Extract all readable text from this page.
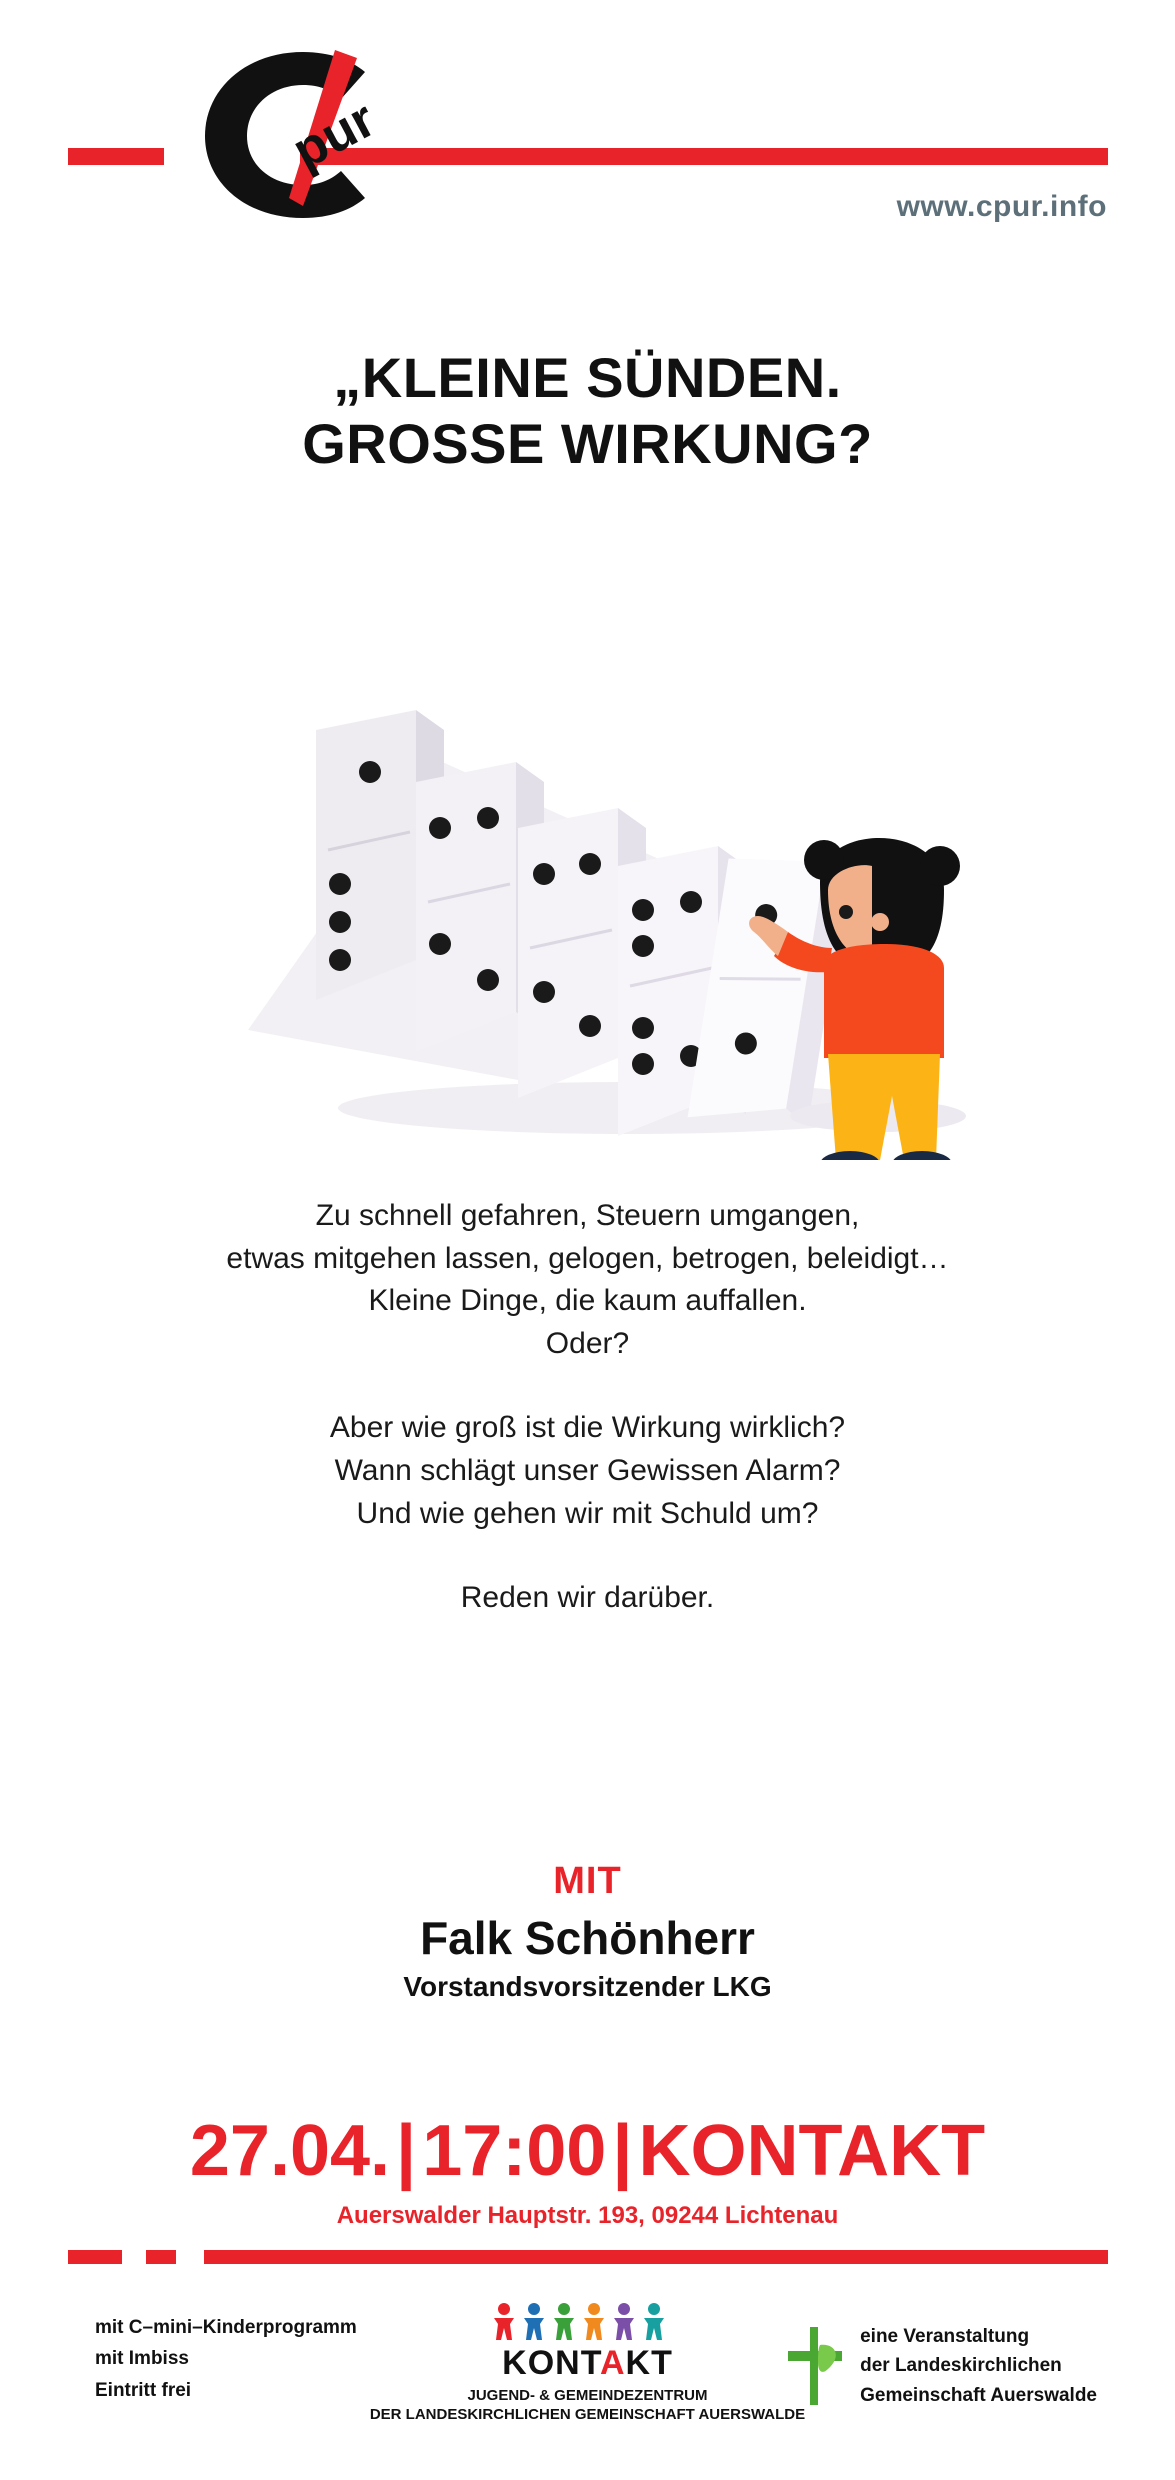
pur
www.cpur.info
„KLEINE SÜNDEN.
GROSSE WIRKUNG?

Zu schnell gefahren, Steuern umgangen,

etwas mitgehen lassen, gelogen, betrogen, beleidigt…

Kleine Dinge, die kaum auffallen.

Oder?

Aber wie groß ist die Wirkung wirklich?

Wann schlägt unser Gewissen Alarm?

Und wie gehen wir mit Schuld um?

Reden wir darüber.

MIT
Falk Schönherr
Vorstandsvorsitzender LKG
27.04.|17:00|KONTAKT
Auerswalder Hauptstr. 193, 09244 Lichtenau
mit C–mini–Kinderprogramm
mit Imbiss
Eintritt frei
KONTAKT
JUGEND- & GEMEINDEZENTRUM
DER LANDESKIRCHLICHEN GEMEINSCHAFT AUERSWALDE
eine Veranstaltung
der Landeskirchlichen
Gemeinschaft Auerswalde
